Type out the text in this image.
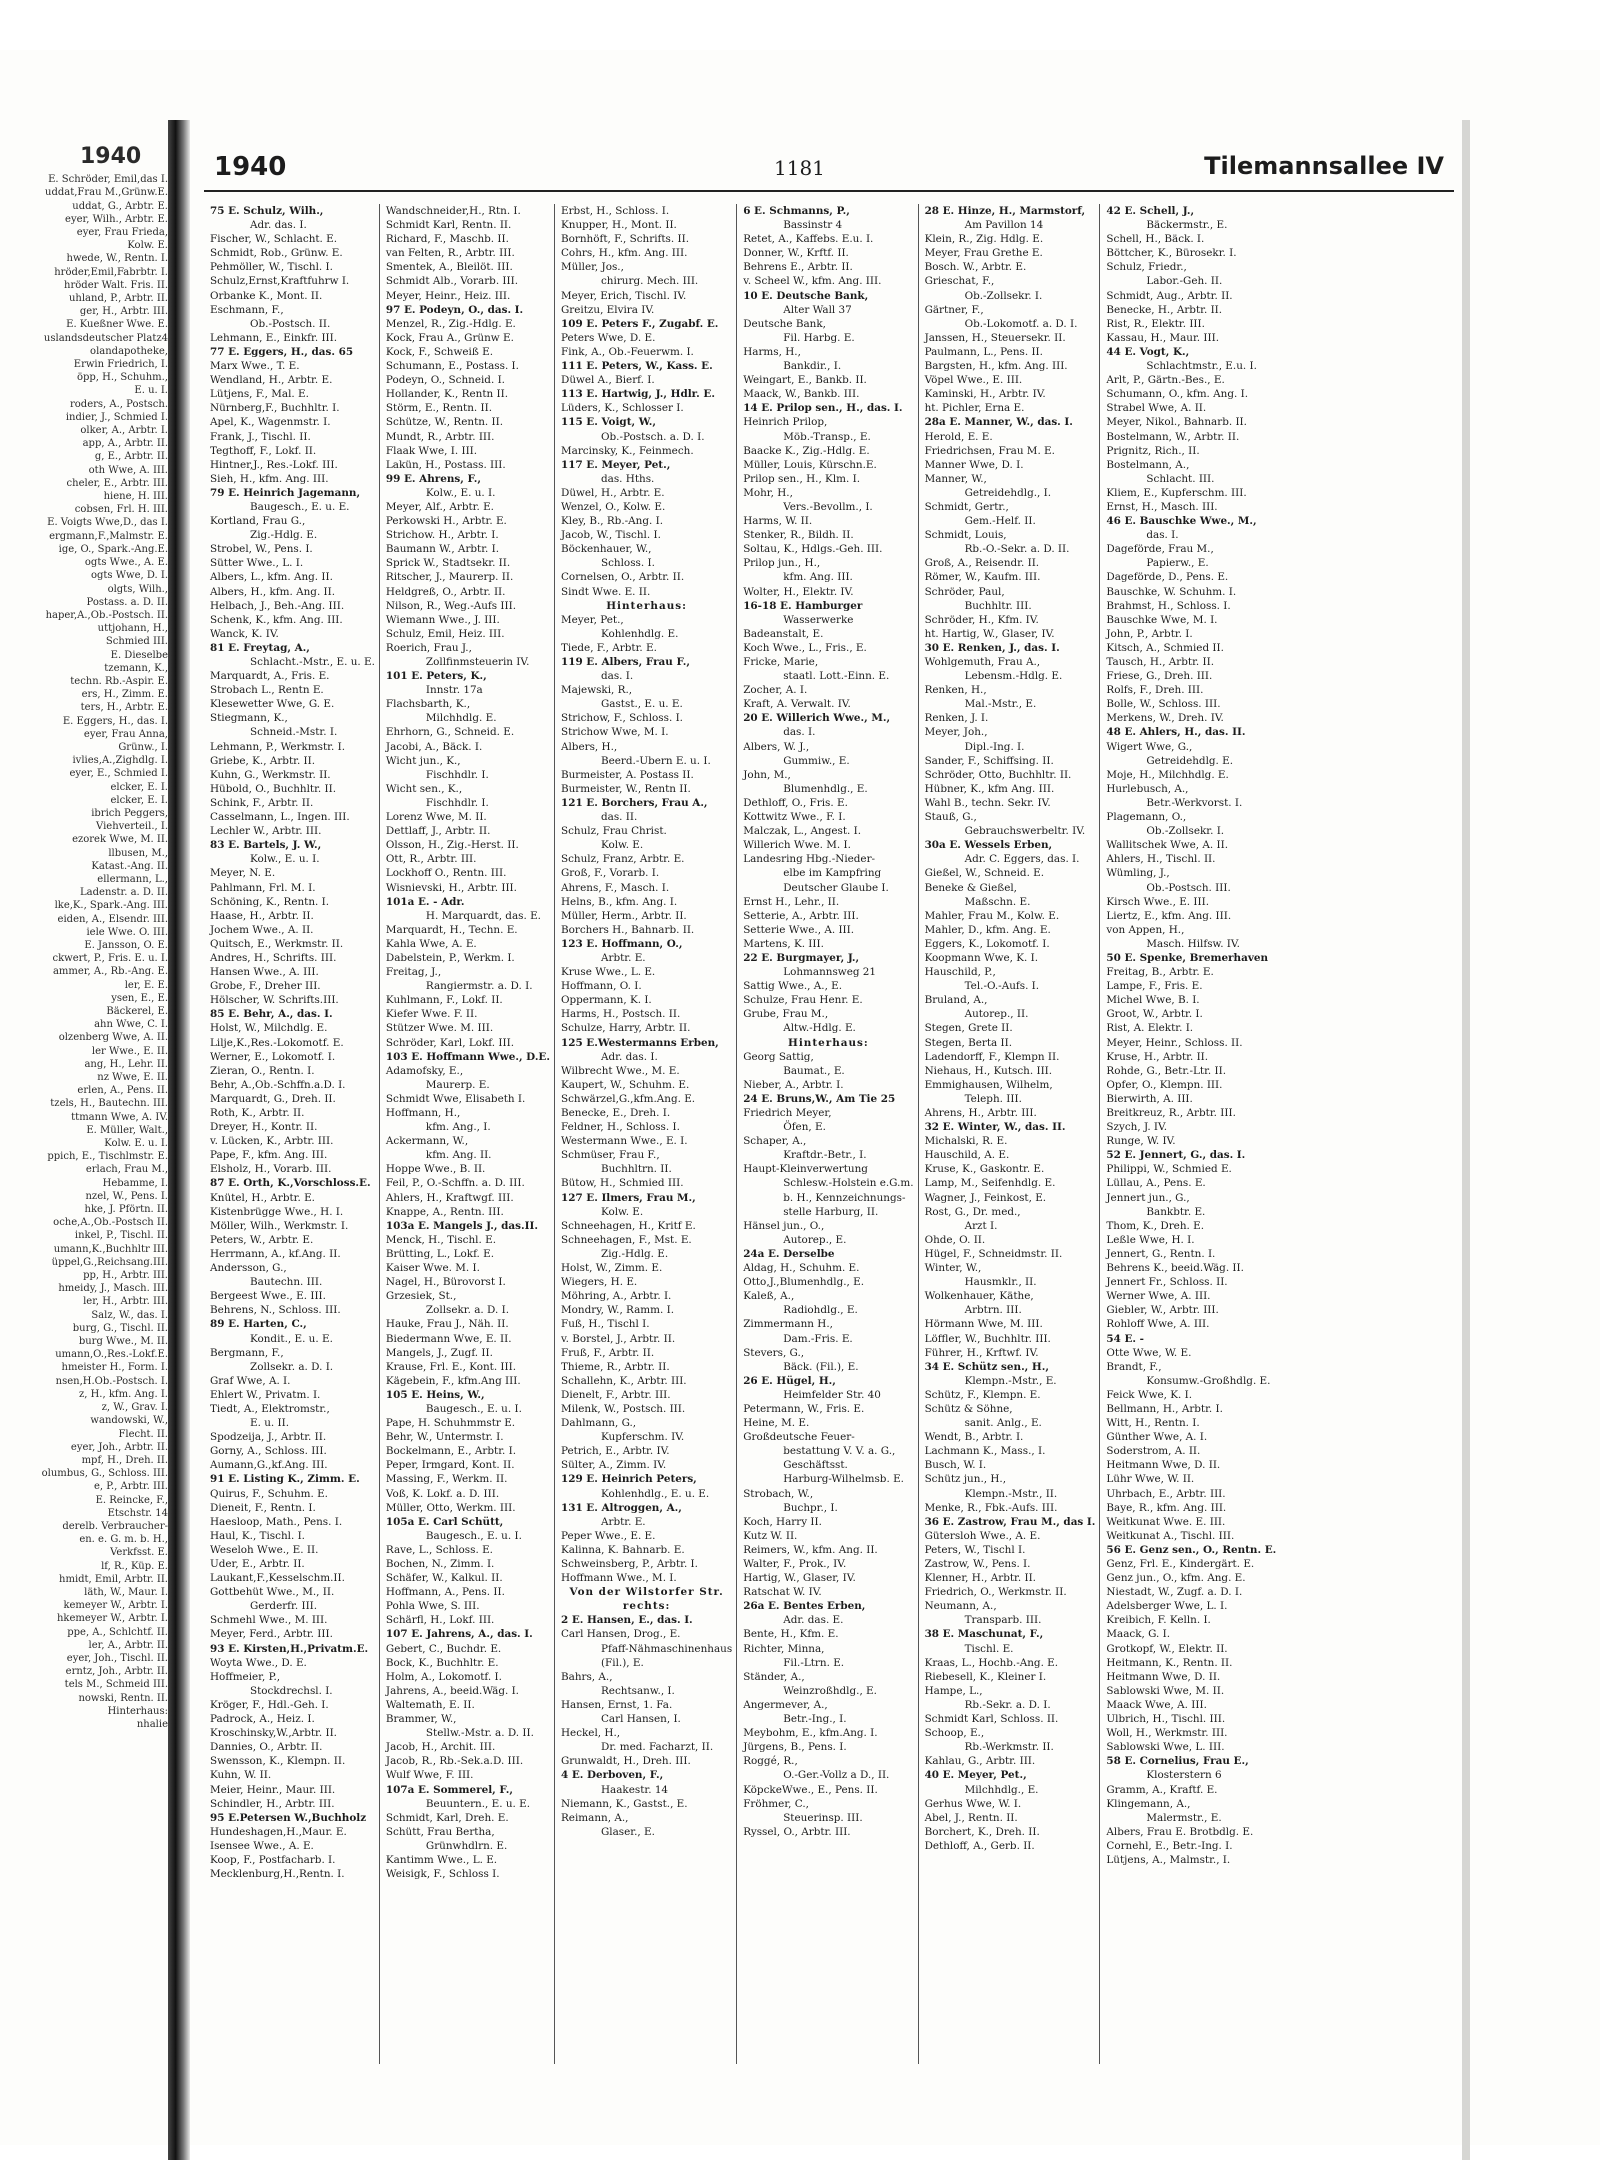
1940
E. Schröder, Emil,das I.
uddat,Frau M.,Grünw.E.
uddat, G., Arbtr. E.
eyer, Wilh., Arbtr. E.
eyer, Frau Frieda,
Kolw. E.
hwede, W., Rentn. I.
hröder,Emil,Fabrbtr. I.
hröder Walt. Fris. II.
uhland, P., Arbtr. II.
ger, H., Arbtr. III.
E. Kueßner Wwe. E.
uslandsdeutscher Platz4
olandapotheke,
Erwin Friedrich, I.
öpp, H., Schuhm.,
E. u. I.
roders, A., Postsch.
indier, J., Schmied I.
olker, A., Arbtr. I.
app, A., Arbtr. II.
g, E., Arbtr. II.
oth Wwe, A. III.
cheler, E., Arbtr. III.
hiene, H. III.
cobsen, Frl. H. III.
E. Voigts Wwe,D., das I.
ergmann,F.,Malmstr. E.
ige, O., Spark.-Ang.E.
ogts Wwe., A. E.
ogts Wwe, D. I.
olgts, Wilh.,
Postass. a. D. II.
haper,A.,Ob.-Postsch. II.
uttjohann, H.,
Schmied III.
E. Dieselbe
tzemann, K.,
techn. Rb.-Aspir. E.
ers, H., Zimm. E.
ters, H., Arbtr. E.
E. Eggers, H., das. I.
eyer, Frau Anna,
Grünw., I.
ivlies,A.,Zighdlg. I.
eyer, E., Schmied I.
elcker, E. I.
elcker, E. I.
ibrich Peggers,
Viehverteil., I.
ezorek Wwe, M. II.
llbusen, M.,
Katast.-Ang. II.
ellermann, L.,
Ladenstr. a. D. II.
lke,K., Spark.-Ang. III.
eiden, A., Elsendr. III.
iele Wwe. O. III.
E. Jansson, O. E.
ckwert, P., Fris. E. u. I.
ammer, A., Rb.-Ang. E.
ler, E. E.
ysen, E., E.
Bäckerel, E.
ahn Wwe, C. I.
olzenberg Wwe, A. II.
ler Wwe., E. II.
ang, H., Lehr. II.
nz Wwe, E. II.
erlen, A., Pens. II.
tzels, H., Bautechn. III.
ttmann Wwe, A. IV.
E. Müller, Walt.,
Kolw. E. u. I.
ppich, E., Tischlmstr. E.
erlach, Frau M.,
Hebamme, I.
nzel, W., Pens. I.
hke, J. Pförtn. II.
oche,A.,Ob.-Postsch II.
inkel, P., Tischl. II.
umann,K.,Buchhltr III.
üppel,G.,Reichsang.III.
pp, H., Arbtr. III.
hmeidy, J., Masch. III.
ler, H., Arbtr. III.
Salz, W., das. I.
burg, G., Tischl. II.
burg Wwe., M. II.
umann,O.,Res.-Lokf.E.
hmeister H., Form. I.
nsen,H.Ob.-Postsch. I.
z, H., kfm. Ang. I.
z, W., Grav. I.
wandowski, W.,
Flecht. II.
eyer, Joh., Arbtr. II.
mpf, H., Dreh. II.
olumbus, G., Schloss. III.
e, P., Arbtr. III.
E. Reincke, F.,
Etschstr. 14
derelb. Verbraucher-
en. e. G. m. b. H.,
Verkfsst. E.
lf, R., Küp. E.
hmidt, Emil, Arbtr. II.
läth, W., Maur. I.
kemeyer W., Arbtr. I.
hkemeyer W., Arbtr. I.
ppe, A., Schlchtf. II.
ler, A., Arbtr. II.
eyer, Joh., Tischl. II.
erntz, Joh., Arbtr. II.
tels M., Schmeid III.
nowski, Rentn. II.
Hinterhaus:
nhalie
1940	1181	Tilemannsallee IV
75 E. Schulz, Wilh.,
Adr. das. I.
Fischer, W., Schlacht. E.
Schmidt, Rob., Grünw. E.
Pehmöller, W., Tischl. I.
Schulz,Ernst,Kraftfuhrw I.
Orbanke K., Mont. II.
Eschmann, F.,
Ob.-Postsch. II.
Lehmann, E., Einkfr. III.
77 E. Eggers, H., das. 65
Marx Wwe., T. E.
Wendland, H., Arbtr. E.
Lütjens, F., Mal. E.
Nürnberg,F., Buchhltr. I.
Apel, K., Wagenmstr. I.
Frank, J., Tischl. II.
Tegthoff, F., Lokf. II.
Hintner,J., Res.-Lokf. III.
Sieh, H., kfm. Ang. III.
79 E. Heinrich Jagemann,
Baugesch., E. u. E.
Kortland, Frau G.,
Zig.-Hdlg. E.
Strobel, W., Pens. I.
Sütter Wwe., L. I.
Albers, L., kfm. Ang. II.
Albers, H., kfm. Ang. II.
Helbach, J., Beh.-Ang. III.
Schenk, K., kfm. Ang. III.
Wanck, K. IV.
81 E. Freytag, A.,
Schlacht.-Mstr., E. u. E.
Marquardt, A., Fris. E.
Strobach L., Rentn E.
Klesewetter Wwe, G. E.
Stiegmann, K.,
Schneid.-Mstr. I.
Lehmann, P., Werkmstr. I.
Griebe, K., Arbtr. II.
Kuhn, G., Werkmstr. II.
Hübold, O., Buchhltr. II.
Schink, F., Arbtr. II.
Casselmann, L., Ingen. III.
Lechler W., Arbtr. III.
83 E. Bartels, J. W.,
Kolw., E. u. I.
Meyer, N. E.
Pahlmann, Frl. M. I.
Schöning, K., Rentn. I.
Haase, H., Arbtr. II.
Jochem Wwe., A. II.
Quitsch, E., Werkmstr. II.
Andres, H., Schrifts. III.
Hansen Wwe., A. III.
Grobe, F., Dreher III.
Hölscher, W. Schrifts.III.
85 E. Behr, A., das. I.
Holst, W., Milchdlg. E.
Lilje,K.,Res.-Lokomotf. E.
Werner, E., Lokomotf. I.
Zieran, O., Rentn. I.
Behr, A.,Ob.-Schffn.a.D. I.
Marquardt, G., Dreh. II.
Roth, K., Arbtr. II.
Dreyer, H., Kontr. II.
v. Lücken, K., Arbtr. III.
Pape, F., kfm. Ang. III.
Elsholz, H., Vorarb. III.
87 E. Orth, K.,Vorschloss.E.
Knütel, H., Arbtr. E.
Kistenbrügge Wwe., H. I.
Möller, Wilh., Werkmstr. I.
Peters, W., Arbtr. E.
Herrmann, A., kf.Ang. II.
Andersson, G.,
Bautechn. III.
Bergeest Wwe., E. III.
Behrens, N., Schloss. III.
89 E. Harten, C.,
Kondit., E. u. E.
Bergmann, F.,
Zollsekr. a. D. I.
Graf Wwe, A. I.
Ehlert W., Privatm. I.
Tiedt, A., Elektromstr.,
E. u. II.
Spodzeija, J., Arbtr. II.
Gorny, A., Schloss. III.
Aumann,G.,kf.Ang. III.
91 E. Listing K., Zimm. E.
Quirus, F., Schuhm. E.
Dieneit, F., Rentn. I.
Haesloop, Math., Pens. I.
Haul, K., Tischl. I.
Weseloh Wwe., E. II.
Uder, E., Arbtr. II.
Laukant,F.,Kesselschm.II.
Gottbehüt Wwe., M., II.
Gerderfr. III.
Schmehl Wwe., M. III.
Meyer, Ferd., Arbtr. III.
93 E. Kirsten,H.,Privatm.E.
Woyta Wwe., D. E.
Hoffmeier, P.,
Stockdrechsl. I.
Kröger, F., Hdl.-Geh. I.
Padrock, A., Heiz. I.
Kroschinsky,W.,Arbtr. II.
Dannies, O., Arbtr. II.
Swensson, K., Klempn. II.
Kuhn, W. II.
Meier, Heinr., Maur. III.
Schindler, H., Arbtr. III.
95 E.Petersen W.,Buchholz
Hundeshagen,H.,Maur. E.
Isensee Wwe., A. E.
Koop, F., Postfacharb. I.
Mecklenburg,H.,Rentn. I.
Wandschneider,H., Rtn. I.
Schmidt Karl, Rentn. II.
Richard, F., Maschb. II.
van Felten, R., Arbtr. III.
Smentek, A., Bleilöt. III.
Schmidt Alb., Vorarb. III.
Meyer, Heinr., Heiz. III.
97 E. Podeyn, O., das. I.
Menzel, R., Zig.-Hdlg. E.
Kock, Frau A., Grünw E.
Kock, F., Schweiß E.
Schumann, E., Postass. I.
Podeyn, O., Schneid. I.
Hollander, K., Rentn II.
Störm, E., Rentn. II.
Schütze, W., Rentn. II.
Mundt, R., Arbtr. III.
Flaak Wwe, I. III.
Lakün, H., Postass. III.
99 E. Ahrens, F.,
Kolw., E. u. I.
Meyer, Alf., Arbtr. E.
Perkowski H., Arbtr. E.
Strichow. H., Arbtr. I.
Baumann W., Arbtr. I.
Sprick W., Stadtsekr. II.
Ritscher, J., Maurerp. II.
Heldgreß, O., Arbtr. II.
Nilson, R., Weg.-Aufs III.
Wiemann Wwe., J. III.
Schulz, Emil, Heiz. III.
Roerich, Frau J.,
Zollfinmsteuerin IV.
101 E. Peters, K.,
Innstr. 17a
Flachsbarth, K.,
Milchhdlg. E.
Ehrhorn, G., Schneid. E.
Jacobi, A., Bäck. I.
Wicht jun., K.,
Fischhdlr. I.
Wicht sen., K.,
Fischhdlr. I.
Lorenz Wwe, M. II.
Dettlaff, J., Arbtr. II.
Olsson, H., Zig.-Herst. II.
Ott, R., Arbtr. III.
Lockhoff O., Rentn. III.
Wisnievski, H., Arbtr. III.
101a E. - Adr.
H. Marquardt, das. E.
Marquardt, H., Techn. E.
Kahla Wwe, A. E.
Dabelstein, P., Werkm. I.
Freitag, J.,
Rangiermstr. a. D. I.
Kuhlmann, F., Lokf. II.
Kiefer Wwe. F. II.
Stützer Wwe. M. III.
Schröder, Karl, Lokf. III.
103 E. Hoffmann Wwe., D.E.
Adamofsky, E.,
Maurerp. E.
Schmidt Wwe, Elisabeth I.
Hoffmann, H.,
kfm. Ang., I.
Ackermann, W.,
kfm. Ang. II.
Hoppe Wwe., B. II.
Feil, P., O.-Schffn. a. D. III.
Ahlers, H., Kraftwgf. III.
Knappe, A., Rentn. III.
103a E. Mangels J., das.II.
Menck, H., Tischl. E.
Brütting, L., Lokf. E.
Kaiser Wwe. M. I.
Nagel, H., Bürovorst I.
Grzesiek, St.,
Zollsekr. a. D. I.
Hauke, Frau J., Näh. II.
Biedermann Wwe, E. II.
Mangels, J., Zugf. II.
Krause, Frl. E., Kont. III.
Kägebein, F., kfm.Ang III.
105 E. Heins, W.,
Baugesch., E. u. I.
Pape, H. Schuhmmstr E.
Behr, W., Untermstr. I.
Bockelmann, E., Arbtr. I.
Peper, Irmgard, Kont. II.
Massing, F., Werkm. II.
Voß, K. Lokf. a. D. III.
Müller, Otto, Werkm. III.
105a E. Carl Schütt,
Baugesch., E. u. I.
Rave, L., Schloss. E.
Bochen, N., Zimm. I.
Schäfer, W., Kalkul. II.
Hoffmann, A., Pens. II.
Pohla Wwe, S. III.
Schärfl, H., Lokf. III.
107 E. Jahrens, A., das. I.
Gebert, C., Buchdr. E.
Bock, K., Buchhltr. E.
Holm, A., Lokomotf. I.
Jahrens, A., beeid.Wäg. I.
Waltemath, E. II.
Brammer, W.,
Stellw.-Mstr. a. D. II.
Jacob, H., Archit. III.
Jacob, R., Rb.-Sek.a.D. III.
Wulf Wwe, F. III.
107a E. Sommerel, F.,
Beuuntern., E. u. E.
Schmidt, Karl, Dreh. E.
Schütt, Frau Bertha,
Grünwhdlrn. E.
Kantimm Wwe., L. E.
Weisigk, F., Schloss I.
Erbst, H., Schloss. I.
Knupper, H., Mont. II.
Bornhöft, F., Schrifts. II.
Cohrs, H., kfm. Ang. III.
Müller, Jos.,
chirurg. Mech. III.
Meyer, Erich, Tischl. IV.
Greitzu, Elvira IV.
109 E. Peters F., Zugabf. E.
Peters Wwe, D. E.
Fink, A., Ob.-Feuerwm. I.
111 E. Peters, W., Kass. E.
Düwel A., Bierf. I.
113 E. Hartwig, J., Hdlr. E.
Lüders, K., Schlosser I.
115 E. Voigt, W.,
Ob.-Postsch. a. D. I.
Marcinsky, K., Feinmech.
117 E. Meyer, Pet.,
das. Hths.
Düwel, H., Arbtr. E.
Wenzel, O., Kolw. E.
Kley, B., Rb.-Ang. I.
Jacob, W., Tischl. I.
Böckenhauer, W.,
Schloss. I.
Cornelsen, O., Arbtr. II.
Sindt Wwe. E. II.
Hinterhaus:
Meyer, Pet.,
Kohlenhdlg. E.
Tiede, F., Arbtr. E.
119 E. Albers, Frau F.,
das. I.
Majewski, R.,
Gastst., E. u. E.
Strichow, F., Schloss. I.
Strichow Wwe, M. I.
Albers, H.,
Beerd.-Ubern E. u. I.
Burmeister, A. Postass II.
Burmeister, W., Rentn II.
121 E. Borchers, Frau A.,
das. II.
Schulz, Frau Christ.
Kolw. E.
Schulz, Franz, Arbtr. E.
Groß, F., Vorarb. I.
Ahrens, F., Masch. I.
Helns, B., kfm. Ang. I.
Müller, Herm., Arbtr. II.
Borchers H., Bahnarb. II.
123 E. Hoffmann, O.,
Arbtr. E.
Kruse Wwe., L. E.
Hoffmann, O. I.
Oppermann, K. I.
Harms, H., Postsch. II.
Schulze, Harry, Arbtr. II.
125 E.Westermanns Erben,
Adr. das. I.
Wilbrecht Wwe., M. E.
Kaupert, W., Schuhm. E.
Schwärzel,G.,kfm.Ang. E.
Benecke, E., Dreh. I.
Feldner, H., Schloss. I.
Westermann Wwe., E. I.
Schmüser, Frau F.,
Buchhltrn. II.
Bütow, H., Schmied III.
127 E. Ilmers, Frau M.,
Kolw. E.
Schneehagen, H., Kritf E.
Schneehagen, F., Mst. E.
Zig.-Hdlg. E.
Holst, W., Zimm. E.
Wiegers, H. E.
Möhring, A., Arbtr. I.
Mondry, W., Ramm. I.
Fuß, H., Tischl I.
v. Borstel, J., Arbtr. II.
Fruß, F., Arbtr. II.
Thieme, R., Arbtr. II.
Schallehn, K., Arbtr. III.
Dienelt, F., Arbtr. III.
Milenk, W., Postsch. III.
Dahlmann, G.,
Kupferschm. IV.
Petrich, E., Arbtr. IV.
Sülter, A., Zimm. IV.
129 E. Heinrich Peters,
Kohlenhdlg., E. u. E.
131 E. Altroggen, A.,
Arbtr. E.
Peper Wwe., E. E.
Kalinna, K. Bahnarb. E.
Schweinsberg, P., Arbtr. I.
Hoffmann Wwe., M. I.
Von der Wilstorfer Str.
rechts:
2 E. Hansen, E., das. I.
Carl Hansen, Drog., E.
Pfaff-Nähmaschinenhaus
(Fil.), E.
Bahrs, A.,
Rechtsanw., I.
Hansen, Ernst, 1. Fa.
Carl Hansen, I.
Heckel, H.,
Dr. med. Facharzt, II.
Grunwaldt, H., Dreh. III.
4 E. Derboven, F.,
Haakestr. 14
Niemann, K., Gastst., E.
Reimann, A.,
Glaser., E.
6 E. Schmanns, P.,
Bassinstr 4
Retet, A., Kaffebs. E.u. I.
Donner, W., Krftf. II.
Behrens E., Arbtr. II.
v. Scheel W., kfm. Ang. III.
10 E. Deutsche Bank,
Alter Wall 37
Deutsche Bank,
Fil. Harbg. E.
Harms, H.,
Bankdir., I.
Weingart, E., Bankb. II.
Maack, W., Bankb. III.
14 E. Prilop sen., H., das. I.
Heinrich Prilop,
Möb.-Transp., E.
Baacke K., Zig.-Hdlg. E.
Müller, Louis, Kürschn.E.
Prilop sen., H., Klm. I.
Mohr, H.,
Vers.-Bevollm., I.
Harms, W. II.
Stenker, R., Bildh. II.
Soltau, K., Hdlgs.-Geh. III.
Prilop jun., H.,
kfm. Ang. III.
Wolter, H., Elektr. IV.
16-18 E. Hamburger
Wasserwerke
Badeanstalt, E.
Koch Wwe., L., Fris., E.
Fricke, Marie,
staatl. Lott.-Einn. E.
Zocher, A. I.
Kraft, A. Verwalt. IV.
20 E. Willerich Wwe., M.,
das. I.
Albers, W. J.,
Gummiw., E.
John, M.,
Blumenhdlg., E.
Dethloff, O., Fris. E.
Kottwitz Wwe., F. I.
Malczak, L., Angest. I.
Willerich Wwe. M. I.
Landesring Hbg.-Nieder-
elbe im Kampfring
Deutscher Glaube I.
Ernst H., Lehr., II.
Setterie, A., Arbtr. III.
Setterie Wwe., A. III.
Martens, K. III.
22 E. Burgmayer, J.,
Lohmannsweg 21
Sattig Wwe., A., E.
Schulze, Frau Henr. E.
Grube, Frau M.,
Altw.-Hdlg. E.
Hinterhaus:
Georg Sattig,
Baumat., E.
Nieber, A., Arbtr. I.
24 E. Bruns,W., Am Tie 25
Friedrich Meyer,
Öfen, E.
Schaper, A.,
Kraftdr.-Betr., I.
Haupt-Kleinverwertung
Schlesw.-Holstein e.G.m.
b. H., Kennzeichnungs-
stelle Harburg, II.
Hänsel jun., O.,
Autorep., E.
24a E. Derselbe
Aldag, H., Schuhm. E.
Otto,J.,Blumenhdlg., E.
Kaleß, A.,
Radiohdlg., E.
Zimmermann H.,
Dam.-Fris. E.
Stevers, G.,
Bäck. (Fil.), E.
26 E. Hügel, H.,
Heimfelder Str. 40
Petermann, W., Fris. E.
Heine, M. E.
Großdeutsche Feuer-
bestattung V. V. a. G.,
Geschäftsst.
Harburg-Wilhelmsb. E.
Strobach, W.,
Buchpr., I.
Koch, Harry II.
Kutz W. II.
Reimers, W., kfm. Ang. II.
Walter, F., Prok., IV.
Hartig, W., Glaser, IV.
Ratschat W. IV.
26a E. Bentes Erben,
Adr. das. E.
Bente, H., Kfm. E.
Richter, Minna,
Fil.-Ltrn. E.
Ständer, A.,
Weinzroßhdlg., E.
Angermever, A.,
Betr.-Ing., I.
Meybohm, E., kfm.Ang. I.
Jürgens, B., Pens. I.
Roggé, R.,
O.-Ger.-Vollz a D., II.
KöpckeWwe., E., Pens. II.
Fröhmer, C.,
Steuerinsp. III.
Ryssel, O., Arbtr. III.
28 E. Hinze, H., Marmstorf,
Am Pavillon 14
Klein, R., Zig. Hdlg. E.
Meyer, Frau Grethe E.
Bosch. W., Arbtr. E.
Grieschat, F.,
Ob.-Zollsekr. I.
Gärtner, F.,
Ob.-Lokomotf. a. D. I.
Janssen, H., Steuersekr. II.
Paulmann, L., Pens. II.
Bargsten, H., kfm. Ang. III.
Vöpel Wwe., E. III.
Kaminski, H., Arbtr. IV.
ht. Pichler, Erna E.
28a E. Manner, W., das. I.
Herold, E. E.
Friedrichsen, Frau M. E.
Manner Wwe, D. I.
Manner, W.,
Getreidehdlg., I.
Schmidt, Gertr.,
Gem.-Helf. II.
Schmidt, Louis,
Rb.-O.-Sekr. a. D. II.
Groß, A., Reisendr. II.
Römer, W., Kaufm. III.
Schröder, Paul,
Buchhltr. III.
Schröder, H., Kfm. IV.
ht. Hartig, W., Glaser, IV.
30 E. Renken, J., das. I.
Wohlgemuth, Frau A.,
Lebensm.-Hdlg. E.
Renken, H.,
Mal.-Mstr., E.
Renken, J. I.
Meyer, Joh.,
Dipl.-Ing. I.
Sander, F., Schiffsing. II.
Schröder, Otto, Buchhltr. II.
Hübner, K., kfm Ang. III.
Wahl B., techn. Sekr. IV.
Stauß, G.,
Gebrauchswerbeltr. IV.
30a E. Wessels Erben,
Adr. C. Eggers, das. I.
Gießel, W., Schneid. E.
Beneke & Gießel,
Maßschn. E.
Mahler, Frau M., Kolw. E.
Mahler, D., kfm. Ang. E.
Eggers, K., Lokomotf. I.
Koopmann Wwe, K. I.
Hauschild, P.,
Tel.-O.-Aufs. I.
Bruland, A.,
Autorep., II.
Stegen, Grete II.
Stegen, Berta II.
Ladendorff, F., Klempn II.
Niehaus, H., Kutsch. III.
Emmighausen, Wilhelm,
Teleph. III.
Ahrens, H., Arbtr. III.
32 E. Winter, W., das. II.
Michalski, R. E.
Hauschild, A. E.
Kruse, K., Gaskontr. E.
Lamp, M., Seifenhdlg. E.
Wagner, J., Feinkost, E.
Rost, G., Dr. med.,
Arzt I.
Ohde, O. II.
Hügel, F., Schneidmstr. II.
Winter, W.,
Hausmklr., II.
Wolkenhauer, Käthe,
Arbtrn. III.
Hörmann Wwe, M. III.
Löffler, W., Buchhltr. III.
Führer, H., Krftwf. IV.
34 E. Schütz sen., H.,
Klempn.-Mstr., E.
Schütz, F., Klempn. E.
Schütz & Söhne,
sanit. Anlg., E.
Wendt, B., Arbtr. I.
Lachmann K., Mass., I.
Busch, W. I.
Schütz jun., H.,
Klempn.-Mstr., II.
Menke, R., Fbk.-Aufs. III.
36 E. Zastrow, Frau M., das I.
Gütersloh Wwe., A. E.
Peters, W., Tischl I.
Zastrow, W., Pens. I.
Klenner, H., Arbtr. II.
Friedrich, O., Werkmstr. II.
Neumann, A.,
Transparb. III.
38 E. Maschunat, F.,
Tischl. E.
Kraas, L., Hochb.-Ang. E.
Riebesell, K., Kleiner I.
Hampe, L.,
Rb.-Sekr. a. D. I.
Schmidt Karl, Schloss. II.
Schoop, E.,
Rb.-Werkmstr. II.
Kahlau, G., Arbtr. III.
40 E. Meyer, Pet.,
Milchhdlg., E.
Gerhus Wwe, W. I.
Abel, J., Rentn. II.
Borchert, K., Dreh. II.
Dethloff, A., Gerb. II.
42 E. Schell, J.,
Bäckermstr., E.
Schell, H., Bäck. I.
Böttcher, K., Bürosekr. I.
Schulz, Friedr.,
Labor.-Geh. II.
Schmidt, Aug., Arbtr. II.
Benecke, H., Arbtr. II.
Rist, R., Elektr. III.
Kassau, H., Maur. III.
44 E. Vogt, K.,
Schlachtmstr., E.u. I.
Arlt, P., Gärtn.-Bes., E.
Schumann, O., kfm. Ang. I.
Strabel Wwe, A. II.
Meyer, Nikol., Bahnarb. II.
Bostelmann, W., Arbtr. II.
Prignitz, Rich., II.
Bostelmann, A.,
Schlacht. III.
Kliem, E., Kupferschm. III.
Ernst, H., Masch. III.
46 E. Bauschke Wwe., M.,
das. I.
Dageförde, Frau M.,
Papierw., E.
Dageförde, D., Pens. E.
Bauschke, W. Schuhm. I.
Brahmst, H., Schloss. I.
Bauschke Wwe, M. I.
John, P., Arbtr. I.
Kitsch, A., Schmied II.
Tausch, H., Arbtr. II.
Friese, G., Dreh. III.
Rolfs, F., Dreh. III.
Bolle, W., Schloss. III.
Merkens, W., Dreh. IV.
48 E. Ahlers, H., das. II.
Wigert Wwe, G.,
Getreidehdlg. E.
Moje, H., Milchhdlg. E.
Hurlebusch, A.,
Betr.-Werkvorst. I.
Plagemann, O.,
Ob.-Zollsekr. I.
Wallitschek Wwe, A. II.
Ahlers, H., Tischl. II.
Wümling, J.,
Ob.-Postsch. III.
Kirsch Wwe., E. III.
Liertz, E., kfm. Ang. III.
von Appen, H.,
Masch. Hilfsw. IV.
50 E. Spenke, Bremerhaven
Freitag, B., Arbtr. E.
Lampe, F., Fris. E.
Michel Wwe, B. I.
Groot, W., Arbtr. I.
Rist, A. Elektr. I.
Meyer, Heinr., Schloss. II.
Kruse, H., Arbtr. II.
Rohde, G., Betr.-Ltr. II.
Opfer, O., Klempn. III.
Bierwirth, A. III.
Breitkreuz, R., Arbtr. III.
Szych, J. IV.
Runge, W. IV.
52 E. Jennert, G., das. I.
Philippi, W., Schmied E.
Lüllau, A., Pens. E.
Jennert jun., G.,
Bankbtr. E.
Thom, K., Dreh. E.
Leßle Wwe, H. I.
Jennert, G., Rentn. I.
Behrens K., beeid.Wäg. II.
Jennert Fr., Schloss. II.
Werner Wwe, A. III.
Giebler, W., Arbtr. III.
Rohloff Wwe, A. III.
54 E. -
Otte Wwe, W. E.
Brandt, F.,
Konsumw.-Großhdlg. E.
Feick Wwe, K. I.
Bellmann, H., Arbtr. I.
Witt, H., Rentn. I.
Günther Wwe, A. I.
Soderstrom, A. II.
Heitmann Wwe, D. II.
Lühr Wwe, W. II.
Uhrbach, E., Arbtr. III.
Baye, R., kfm. Ang. III.
Weitkunat Wwe. E. III.
Weitkunat A., Tischl. III.
56 E. Genz sen., O., Rentn. E.
Genz, Frl. E., Kindergärt. E.
Genz jun., O., kfm. Ang. E.
Niestadt, W., Zugf. a. D. I.
Adelsberger Wwe, L. I.
Kreibich, F. Kelln. I.
Maack, G. I.
Grotkopf, W., Elektr. II.
Heitmann, K., Rentn. II.
Heitmann Wwe, D. II.
Sablowski Wwe, M. II.
Maack Wwe, A. III.
Ulbrich, H., Tischl. III.
Woll, H., Werkmstr. III.
Sablowski Wwe, L. III.
58 E. Cornelius, Frau E.,
Klosterstern 6
Gramm, A., Kraftf. E.
Klingemann, A.,
Malermstr., E.
Albers, Frau E. Brotbdlg. E.
Cornehl, E., Betr.-Ing. I.
Lütjens, A., Malmstr., I.
